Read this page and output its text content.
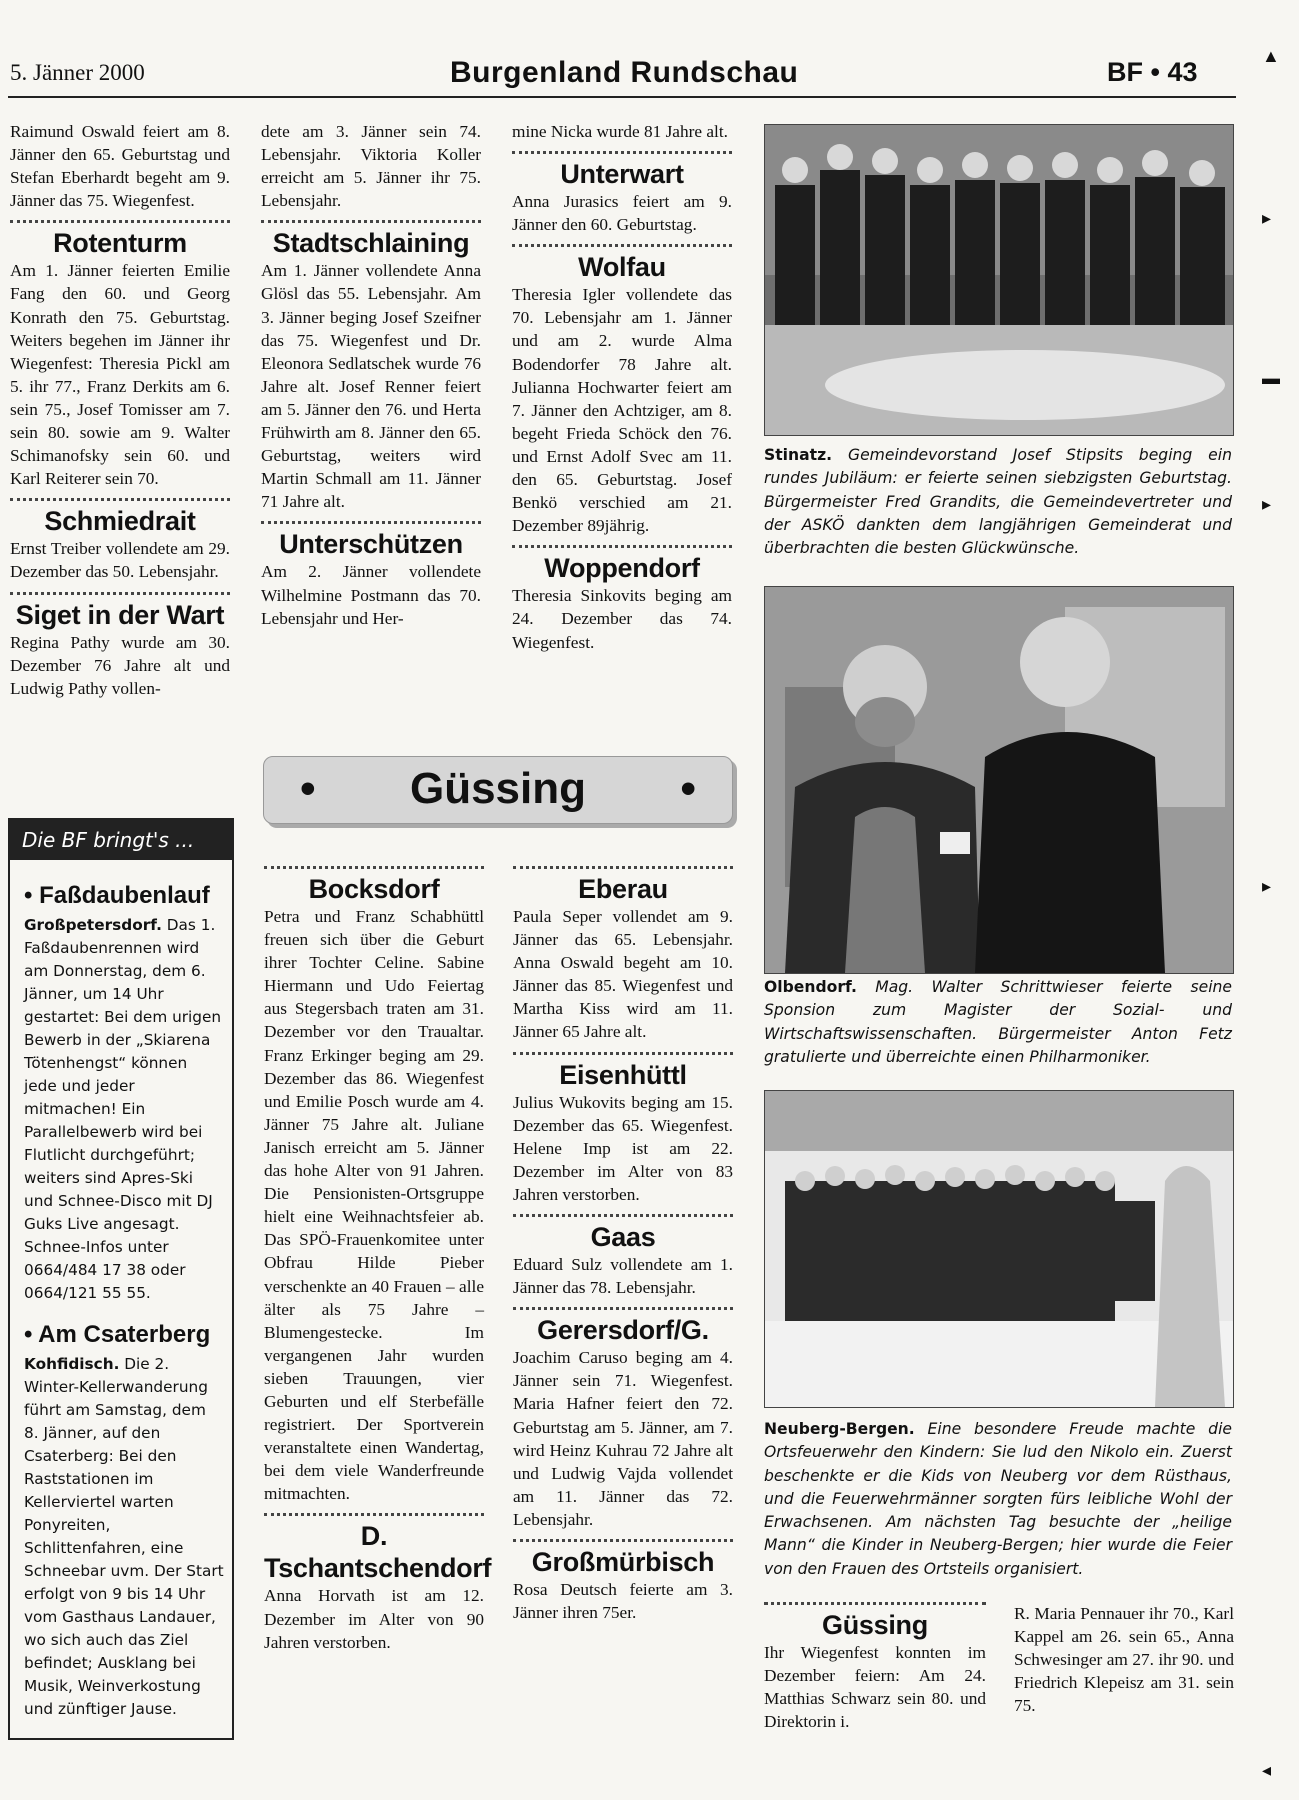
5. Jänner 2000	Burgenland Rundschau	BF • 43

Raimund Oswald feiert am 8. Jänner den 65. Geburtstag und Stefan Eberhardt begeht am 9. Jänner das 75. Wiegenfest.

Rotenturm

Am 1. Jänner feierten Emilie Fang den 60. und Georg Konrath den 75. Geburtstag. Weiters begehen im Jänner ihr Wiegenfest: Theresia Pickl am 5. ihr 77., Franz Derkits am 6. sein 75., Josef Tomisser am 7. sein 80. sowie am 9. Walter Schimanofsky sein 60. und Karl Reiterer sein 70.

Schmiedrait

Ernst Treiber vollendete am 29. Dezember das 50. Lebensjahr.

Siget in der Wart

Regina Pathy wurde am 30. Dezember 76 Jahre alt und Ludwig Pathy vollen-

dete am 3. Jänner sein 74. Lebensjahr. Viktoria Koller erreicht am 5. Jänner ihr 75. Lebensjahr.

Stadtschlaining

Am 1. Jänner vollendete Anna Glösl das 55. Lebensjahr. Am 3. Jänner beging Josef Szeifner das 75. Wiegenfest und Dr. Eleonora Sedlatschek wurde 76 Jahre alt. Josef Renner feiert am 5. Jänner den 76. und Herta Frühwirth am 8. Jänner den 65. Geburtstag, weiters wird Martin Schmall am 11. Jänner 71 Jahre alt.

Unterschützen

Am 2. Jänner vollendete Wilhelmine Postmann das 70. Lebensjahr und Her-

mine Nicka wurde 81 Jahre alt.

Unterwart

Anna Jurasics feiert am 9. Jänner den 60. Geburtstag.

Wolfau

Theresia Igler vollendete das 70. Lebensjahr am 1. Jänner und am 2. wurde Alma Bodendorfer 78 Jahre alt. Julianna Hochwarter feiert am 7. Jänner den Achtziger, am 8. begeht Frieda Schöck den 76. und Ernst Adolf Svec am 11. den 65. Geburtstag. Josef Benkö verschied am 21. Dezember 89jährig.

Woppendorf

Theresia Sinkovits beging am 24. Dezember das 74. Wiegenfest.

• Güssing •
Die BF bringt's ...
• Faßdaubenlauf
Großpetersdorf. Das 1. Faßdaubenrennen wird am Donnerstag, dem 6. Jänner, um 14 Uhr gestartet: Bei dem urigen Bewerb in der „Skiarena Tötenhengst“ können jede und jeder mitmachen! Ein Parallelbewerb wird bei Flutlicht durchgeführt; weiters sind Apres-Ski und Schnee-Disco mit DJ Guks Live angesagt. Schnee-Infos unter 0664/484 17 38 oder 0664/121 55 55.
• Am Csaterberg
Kohfidisch. Die 2. Winter-Kellerwanderung führt am Samstag, dem 8. Jänner, auf den Csaterberg: Bei den Raststationen im Kellerviertel warten Ponyreiten, Schlittenfahren, eine Schneebar uvm. Der Start erfolgt von 9 bis 14 Uhr vom Gasthaus Landauer, wo sich auch das Ziel befindet; Ausklang bei Musik, Weinverkostung und zünftiger Jause.
Bocksdorf

Petra und Franz Schabhüttl freuen sich über die Geburt ihrer Tochter Celine. Sabine Hiermann und Udo Feiertag aus Stegersbach traten am 31. Dezember vor den Traualtar. Franz Erkinger beging am 29. Dezember das 86. Wiegenfest und Emilie Posch wurde am 4. Jänner 75 Jahre alt. Juliane Janisch erreicht am 5. Jänner das hohe Alter von 91 Jahren. Die Pensionisten-Ortsgruppe hielt eine Weihnachtsfeier ab. Das SPÖ-Frauenkomitee unter Obfrau Hilde Pieber verschenkte an 40 Frauen – alle älter als 75 Jahre – Blumengestecke. Im vergangenen Jahr wurden sieben Trauungen, vier Geburten und elf Sterbefälle registriert. Der Sportverein veranstaltete einen Wandertag, bei dem viele Wanderfreunde mitmachten.

D. Tschantschendorf

Anna Horvath ist am 12. Dezember im Alter von 90 Jahren verstorben.

Eberau

Paula Seper vollendet am 9. Jänner das 65. Lebensjahr. Anna Oswald begeht am 10. Jänner das 85. Wiegenfest und Martha Kiss wird am 11. Jänner 65 Jahre alt.

Eisenhüttl

Julius Wukovits beging am 15. Dezember das 65. Wiegenfest. Helene Imp ist am 22. Dezember im Alter von 83 Jahren verstorben.

Gaas

Eduard Sulz vollendete am 1. Jänner das 78. Lebensjahr.

Gerersdorf/G.

Joachim Caruso beging am 4. Jänner sein 71. Wiegenfest. Maria Hafner feiert den 72. Geburtstag am 5. Jänner, am 7. wird Heinz Kuhrau 72 Jahre alt und Ludwig Vajda vollendet am 11. Jänner das 72. Lebensjahr.

Großmürbisch

Rosa Deutsch feierte am 3. Jänner ihren 75er.

Stinatz. Gemeindevorstand Josef Stipsits beging ein rundes Jubiläum: er feierte seinen siebzigsten Geburtstag. Bürgermeister Fred Grandits, die Gemeindevertreter und der ASKÖ dankten dem langjährigen Gemeinderat und überbrachten die besten Glückwünsche.
Olbendorf. Mag. Walter Schrittwieser feierte seine Sponsion zum Magister der Sozial- und Wirtschaftswissenschaften. Bürgermeister Anton Fetz gratulierte und überreichte einen Philharmoniker.
Neuberg-Bergen. Eine besondere Freude machte die Ortsfeuerwehr den Kindern: Sie lud den Nikolo ein. Zuerst beschenkte er die Kids von Neuberg vor dem Rüsthaus, und die Feuerwehrmänner sorgten fürs leibliche Wohl der Erwachsenen. Am nächsten Tag besuchte der „heilige Mann“ die Kinder in Neuberg-Bergen; hier wurde die Feier von den Frauen des Ortsteils organisiert.
Güssing

Ihr Wiegenfest konnten im Dezember feiern: Am 24. Matthias Schwarz sein 80. und Direktorin i.

R. Maria Pennauer ihr 70., Karl Kappel am 26. sein 65., Anna Schwesinger am 27. ihr 90. und Friedrich Klepeisz am 31. sein 75.

▲
▸
▬
▸
▸
◂
